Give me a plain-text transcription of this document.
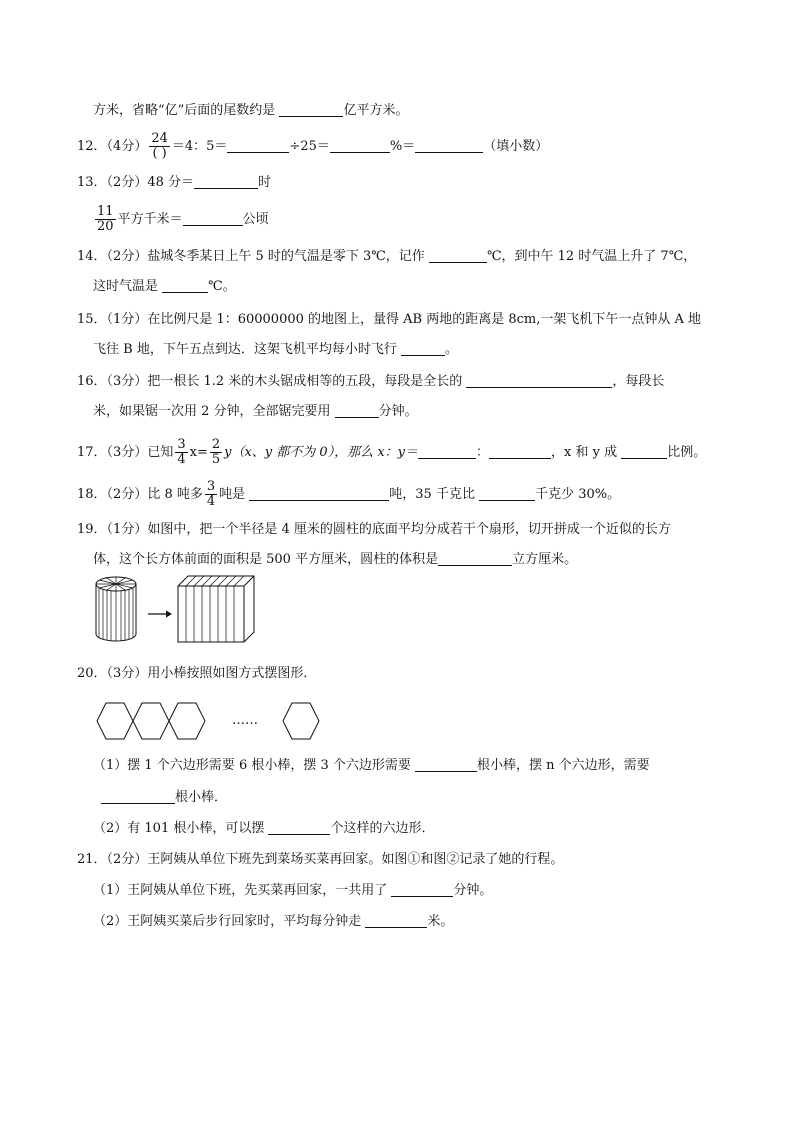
方米，省略“亿”后面的尾数约是	亿平方米。
12．（4分） $\frac{24}{( )} =4$：5＝	÷25＝	%＝	（填小数）
13．（2分）48 分＝	时
$\frac{11}{20}$ 平方千米＝	公顷
14．（2分）盐城冬季某日上午 5 时的气温是零下 3℃，记作	℃，到中午 12 时气温上升了 7℃，
这时气温是	℃。
15．（1分）在比例尺是 1：60000000 的地图上，量得 AB 两地的距离是 8cm,一架飞机下午一点钟从 A 地
飞往 B 地，下午五点到达．这架飞机平均每小时飞行	。
16．（3分）把一根长 1.2 米的木头锯成相等的五段，每段是全长的	，每段长
米，如果锯一次用 2 分钟，全部锯完要用	分钟。
17．（3分）已知 $\frac{3}{4} x= \frac{2}{5} y(x$、y 都不为 0），那么 x：y＝	：	，x 和 y 成	比例。
18．（2分）比 8 吨多 $\frac{3}{4}$ 吨是	吨，35 千克比	千克少 30%。
19．（1分）如图中，把一个半径是 4 厘米的圆柱的底面平均分成若干个扇形，切开拼成一个近似的长方
体，这个长方体前面的面积是 500 平方厘米，圆柱的体积是	立方厘米。
20．（3分）用小棒按照如图方式摆图形．
……
（1）摆 1 个六边形需要 6 根小棒，摆 3 个六边形需要	根小棒，摆 n 个六边形，需要
根小棒．
（2）有 101 根小棒，可以摆	个这样的六边形．
21．（2分）王阿姨从单位下班先到菜场买菜再回家。如图①和图②记录了她的行程。
（1）王阿姨从单位下班，先买菜再回家，一共用了	分钟。
（2）王阿姨买菜后步行回家时，平均每分钟走	米。
